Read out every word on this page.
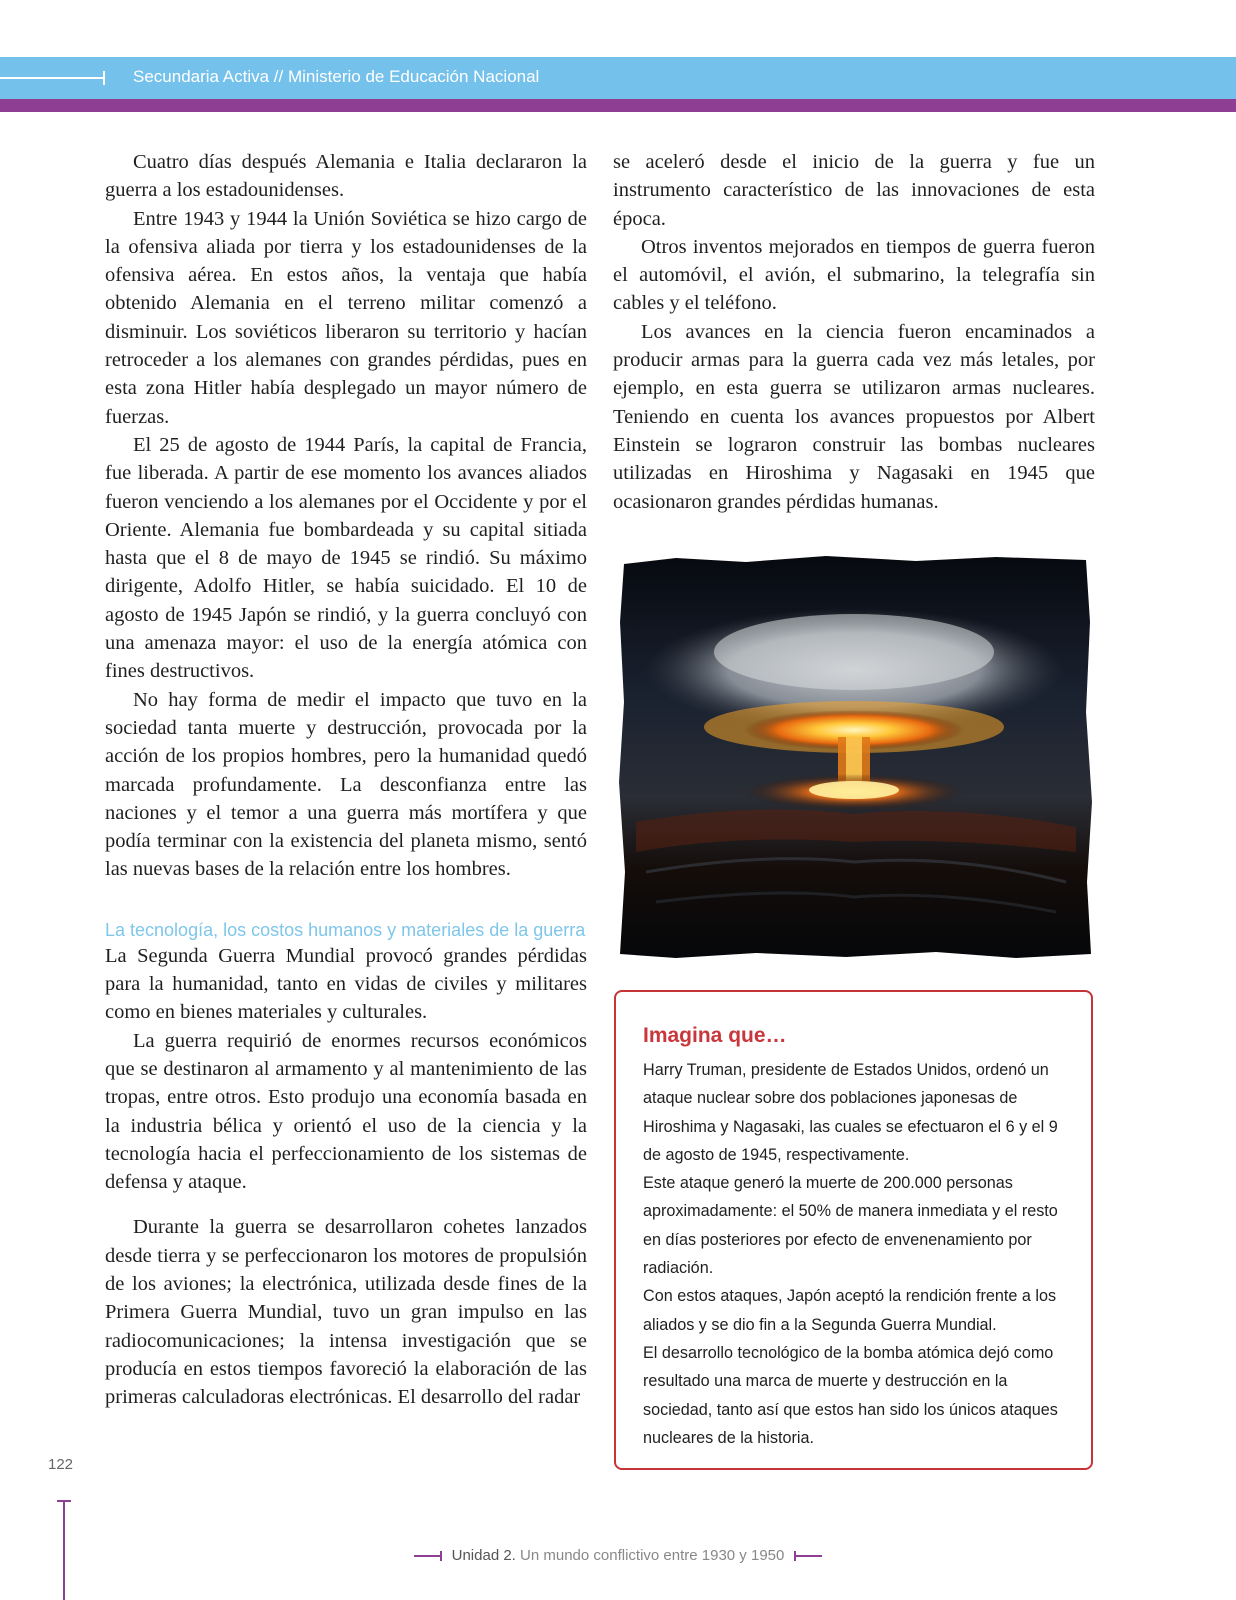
Secundaria Activa // Ministerio de Educación Nacional

Cuatro días después Alemania e Italia declararon la guerra a los estadounidenses.

Entre 1943 y 1944 la Unión Soviética se hizo cargo de la ofensiva aliada por tierra y los estadounidenses de la ofensiva aérea. En estos años, la ventaja que había obtenido Alemania en el terreno militar comenzó a disminuir. Los soviéticos liberaron su territorio y hacían retroceder a los alemanes con grandes pérdidas, pues en esta zona Hitler había desplegado un mayor número de fuerzas.

El 25 de agosto de 1944 París, la capital de Francia, fue liberada. A partir de ese momento los avances aliados fueron venciendo a los alemanes por el Occidente y por el Oriente. Alemania fue bombardeada y su capital sitiada hasta que el 8 de mayo de 1945 se rindió. Su máximo dirigente, Adolfo Hitler, se había suicidado. El 10 de agosto de 1945 Japón se rindió, y la guerra concluyó con una amenaza mayor: el uso de la energía atómica con fines destructivos.

No hay forma de medir el impacto que tuvo en la sociedad tanta muerte y destrucción, provocada por la acción de los propios hombres, pero la humanidad quedó marcada profundamente. La desconfianza entre las naciones y el temor a una guerra más mortífera y que podía terminar con la existencia del planeta mismo, sentó las nuevas bases de la relación entre los hombres.

La tecnología, los costos humanos y materiales de la guerra

La Segunda Guerra Mundial provocó grandes pérdidas para la humanidad, tanto en vidas de civiles y militares como en bienes materiales y culturales.

La guerra requirió de enormes recursos económicos que se destinaron al armamento y al mantenimiento de las tropas, entre otros. Esto produjo una economía basada en la industria bélica y orientó el uso de la ciencia y la tecnología hacia el perfeccionamiento de los sistemas de defensa y ataque.

Durante la guerra se desarrollaron cohetes lanzados desde tierra y se perfeccionaron los motores de propulsión de los aviones; la electrónica, utilizada desde fines de la Primera Guerra Mundial, tuvo un gran impulso en las radiocomunicaciones; la intensa investigación que se producía en estos tiempos favoreció la elaboración de las primeras calculadoras electrónicas. El desarrollo del radar

se aceleró desde el inicio de la guerra y fue un instrumento característico de las innovaciones de esta época.

Otros inventos mejorados en tiempos de guerra fueron el automóvil, el avión, el submarino, la telegrafía sin cables y el teléfono.

Los avances en la ciencia fueron encaminados a producir armas para la guerra cada vez más letales, por ejemplo, en esta guerra se utilizaron armas nucleares. Teniendo en cuenta los avances propuestos por Albert Einstein se lograron construir las bombas nucleares utilizadas en Hiroshima y Nagasaki en 1945 que ocasionaron grandes pérdidas humanas.

Imagina que…

Harry Truman, presidente de Estados Unidos, ordenó un ataque nuclear sobre dos poblaciones japonesas de Hiroshima y Nagasaki, las cuales se efectuaron el 6 y el 9 de agosto de 1945, respectivamente.

Este ataque generó la muerte de 200.000 personas aproximadamente: el 50% de manera inmediata y el resto en días posteriores por efecto de envenenamiento por radiación.

Con estos ataques, Japón aceptó la rendición frente a los aliados y se dio fin a la Segunda Guerra Mundial.

El desarrollo tecnológico de la bomba atómica dejó como resultado una marca de muerte y destrucción en la sociedad, tanto así que estos han sido los únicos ataques nucleares de la historia.

122
Unidad 2. Un mundo conflictivo entre 1930 y 1950
